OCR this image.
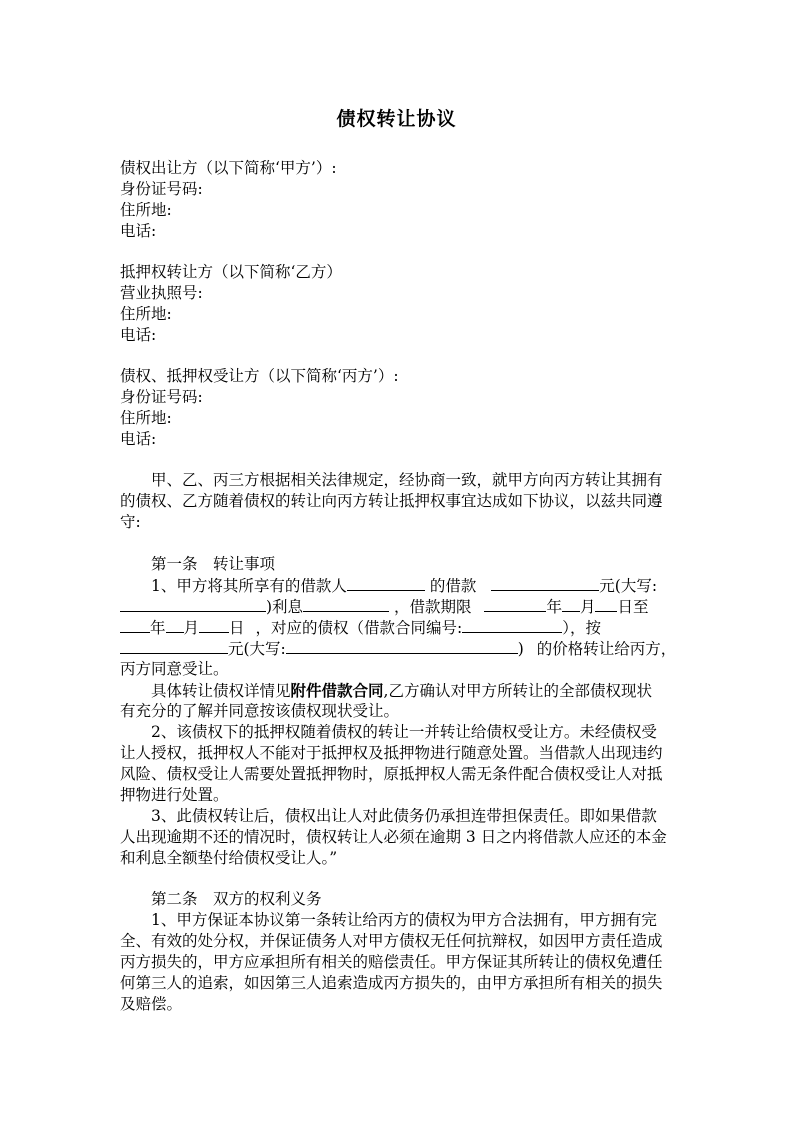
债权转让协议
债权出让方（以下简称‘甲方’）:
身份证号码:
住所地:
电话:
抵押权转让方（以下简称‘乙方）
营业执照号:
住所地:
电话:
债权、抵押权受让方（以下简称‘丙方’）:
身份证号码:
住所地:
电话:
甲、乙、丙三方根据相关法律规定，经协商一致，就甲方向丙方转让其拥有
的债权、乙方随着债权的转让向丙方转让抵押权事宜达成如下协议，以兹共同遵
守:
第一条　转让事项
1、甲方将其所享有的借款人	的借款	元(大写:
)利息	，借款期限	年 月 日至
年 月 日 ，对应的债权（借款合同编号:	），按
元(大写:	) 的价格转让给丙方，
丙方同意受让。
具体转让债权详情见附件借款合同,乙方确认对甲方所转让的全部债权现状
有充分的了解并同意按该债权现状受让。
2、该债权下的抵押权随着债权的转让一并转让给债权受让方。未经债权受
让人授权，抵押权人不能对于抵押权及抵押物进行随意处置。当借款人出现违约
风险、债权受让人需要处置抵押物时，原抵押权人需无条件配合债权受让人对抵
押物进行处置。
3、此债权转让后，债权出让人对此债务仍承担连带担保责任。即如果借款
人出现逾期不还的情况时，债权转让人必须在逾期 3 日之内将借款人应还的本金
和利息全额垫付给债权受让人。”
第二条　双方的权利义务
1、甲方保证本协议第一条转让给丙方的债权为甲方合法拥有，甲方拥有完
全、有效的处分权，并保证债务人对甲方债权无任何抗辩权，如因甲方责任造成
丙方损失的，甲方应承担所有相关的赔偿责任。甲方保证其所转让的债权免遭任
何第三人的追索，如因第三人追索造成丙方损失的，由甲方承担所有相关的损失
及赔偿。
